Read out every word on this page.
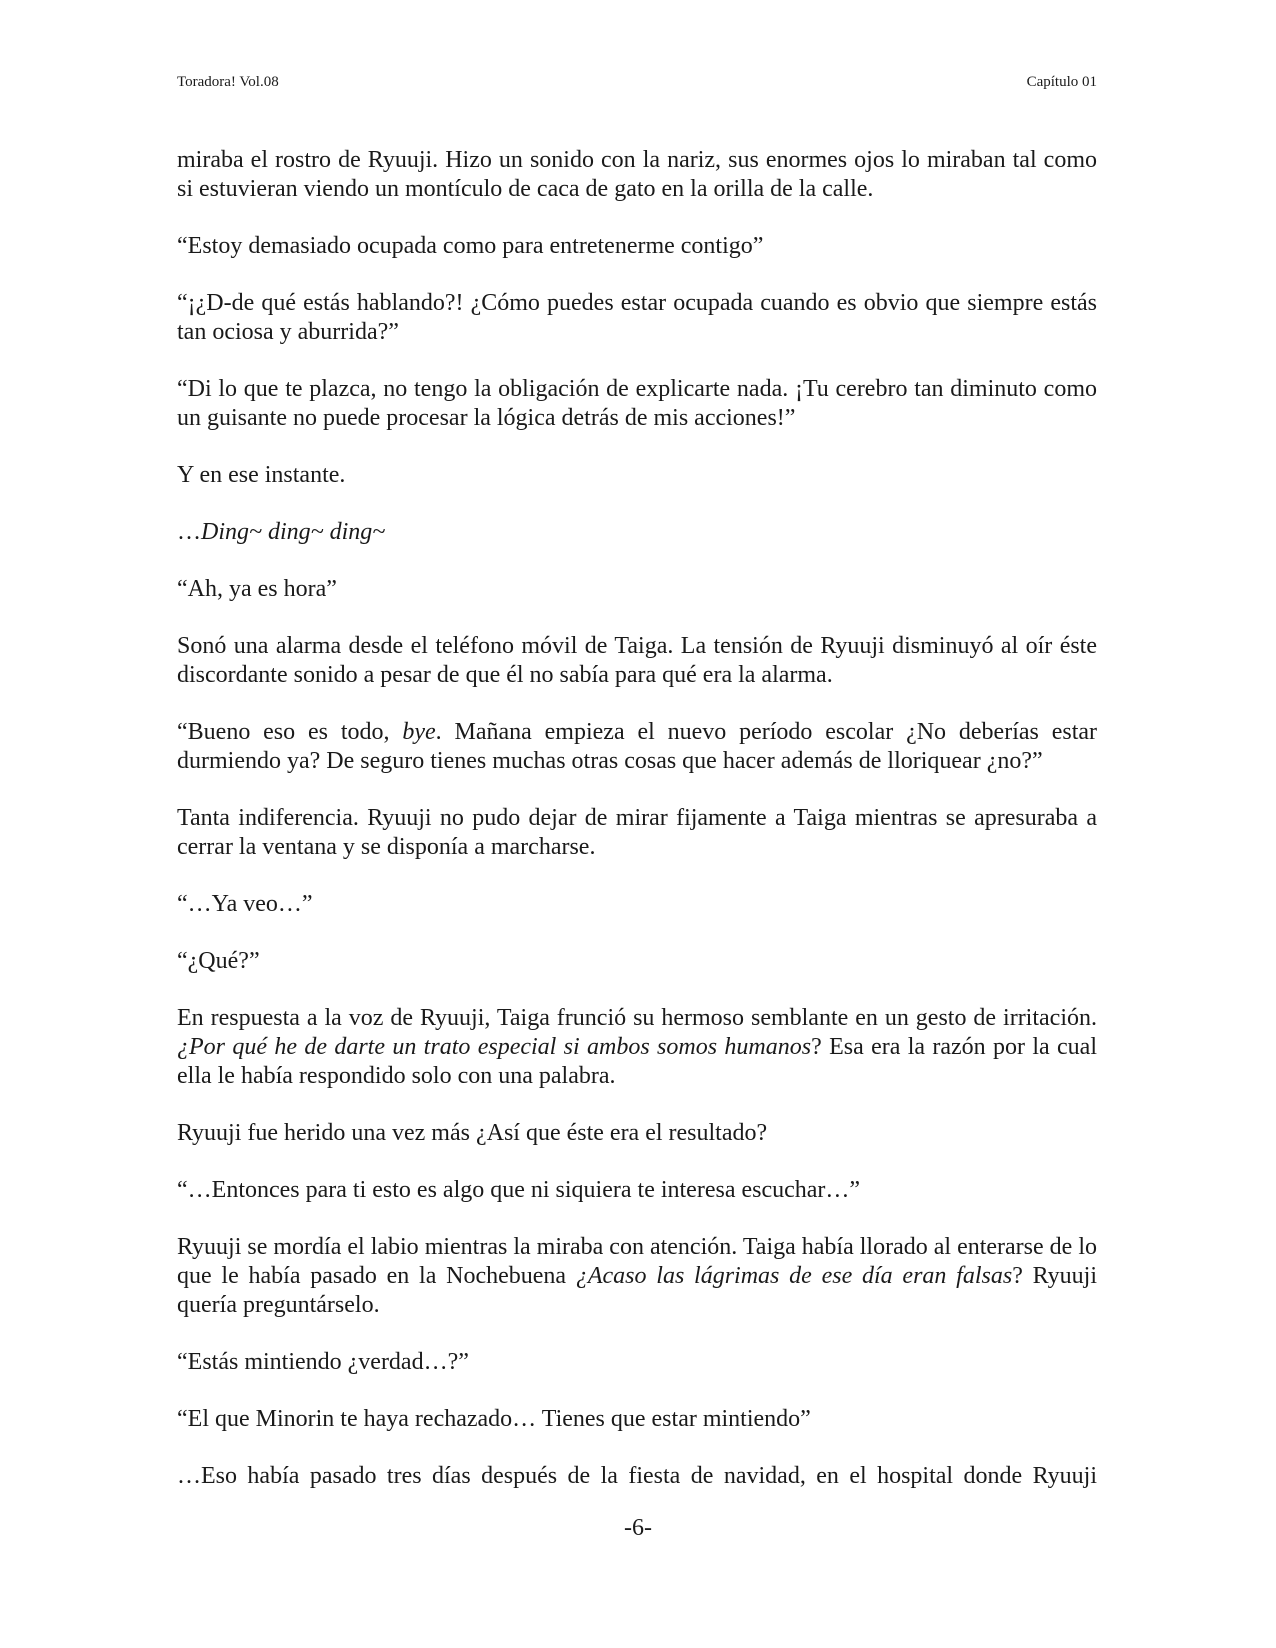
Toradora! Vol.08	Capítulo 01

miraba el rostro de Ryuuji. Hizo un sonido con la nariz, sus enormes ojos lo miraban tal como si estuvieran viendo un montículo de caca de gato en la orilla de la calle.

“Estoy demasiado ocupada como para entretenerme contigo”

“¡¿D-de qué estás hablando?! ¿Cómo puedes estar ocupada cuando es obvio que siempre estás tan ociosa y aburrida?”

“Di lo que te plazca, no tengo la obligación de explicarte nada. ¡Tu cerebro tan diminuto como un guisante no puede procesar la lógica detrás de mis acciones!”

Y en ese instante.

…Ding~ ding~ ding~

“Ah, ya es hora”

Sonó una alarma desde el teléfono móvil de Taiga. La tensión de Ryuuji disminuyó al oír éste discordante sonido a pesar de que él no sabía para qué era la alarma.

“Bueno eso es todo, bye. Mañana empieza el nuevo período escolar ¿No deberías estar durmiendo ya? De seguro tienes muchas otras cosas que hacer además de lloriquear ¿no?”

Tanta indiferencia. Ryuuji no pudo dejar de mirar fijamente a Taiga mientras se apresuraba a cerrar la ventana y se disponía a marcharse.

“…Ya veo…”

“¿Qué?”

En respuesta a la voz de Ryuuji, Taiga frunció su hermoso semblante en un gesto de irritación. ¿Por qué he de darte un trato especial si ambos somos humanos? Esa era la razón por la cual ella le había respondido solo con una palabra.

Ryuuji fue herido una vez más ¿Así que éste era el resultado?

“…Entonces para ti esto es algo que ni siquiera te interesa escuchar…”

Ryuuji se mordía el labio mientras la miraba con atención. Taiga había llorado al enterarse de lo que le había pasado en la Nochebuena ¿Acaso las lágrimas de ese día eran falsas? Ryuuji quería preguntárselo.

“Estás mintiendo ¿verdad…?”

“El que Minorin te haya rechazado… Tienes que estar mintiendo”

…Eso había pasado tres días después de la fiesta de navidad, en el hospital donde Ryuuji

-6-
